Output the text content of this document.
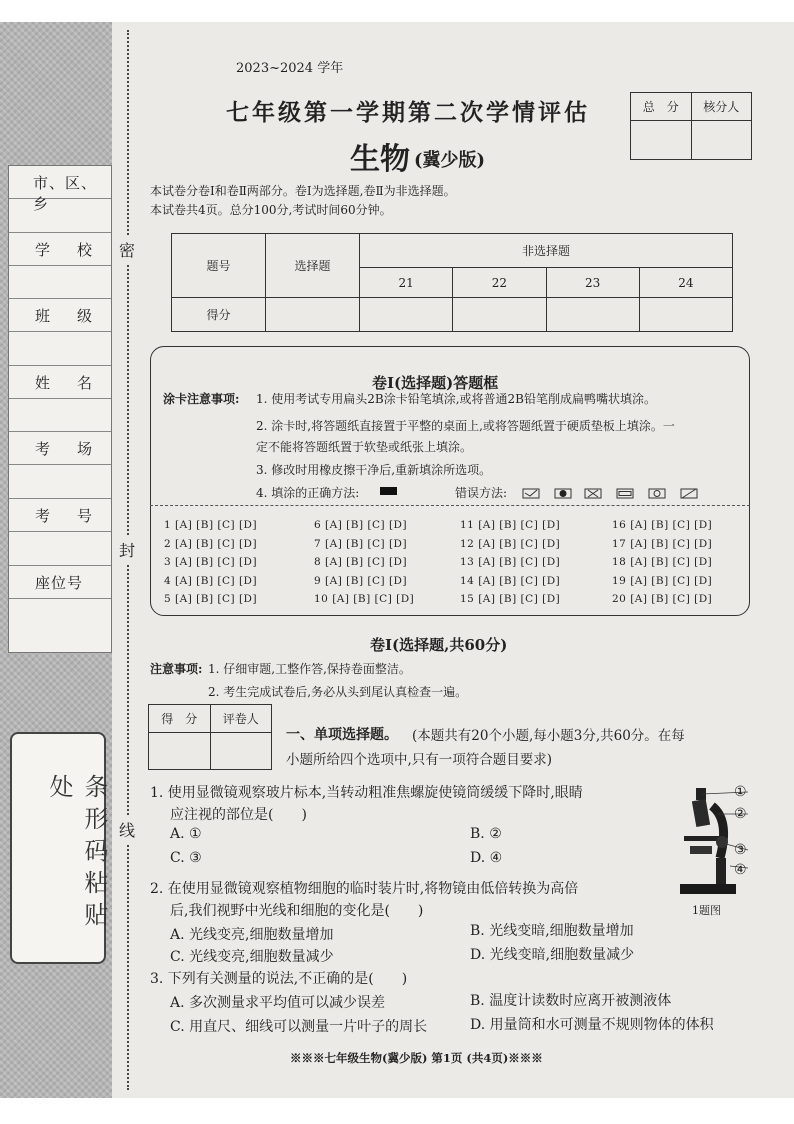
市、区、乡
学　校
班　级
姓　名
考　场
考　号
座位号
条形码粘贴处
密
封
线
2023~2024 学年
七年级第一学期第二次学情评估
生物 (冀少版)
总　分	核分人
本试卷分卷Ⅰ和卷Ⅱ两部分。卷Ⅰ为选择题,卷Ⅱ为非选择题。
本试卷共4页。总分100分,考试时间60分钟。
题号	选择题	非选择题			
		21	22	23	24
得分					
卷Ⅰ(选择题)答题框
涂卡注意事项: 1. 使用考试专用扁头2B涂卡铅笔填涂,或将普通2B铅笔削成扁鸭嘴状填涂。
2. 涂卡时,将答题纸直接置于平整的桌面上,或将答题纸置于硬质垫板上填涂。一
定不能将答题纸置于软垫或纸张上填涂。
3. 修改时用橡皮擦干净后,重新填涂所选项。
4. 填涂的正确方法:	错误方法:
1 [A] [B] [C] [D]
2 [A] [B] [C] [D]
3 [A] [B] [C] [D]
4 [A] [B] [C] [D]
5 [A] [B] [C] [D]
6 [A] [B] [C] [D]
7 [A] [B] [C] [D]
8 [A] [B] [C] [D]
9 [A] [B] [C] [D]
10 [A] [B] [C] [D]
11 [A] [B] [C] [D]
12 [A] [B] [C] [D]
13 [A] [B] [C] [D]
14 [A] [B] [C] [D]
15 [A] [B] [C] [D]
16 [A] [B] [C] [D]
17 [A] [B] [C] [D]
18 [A] [B] [C] [D]
19 [A] [B] [C] [D]
20 [A] [B] [C] [D]
卷Ⅰ(选择题,共60分)
注意事项: 1. 仔细审题,工整作答,保持卷面整洁。
2. 考生完成试卷后,务必从头到尾认真检查一遍。
得　分	评卷人
一、单项选择题。 (本题共有20个小题,每小题3分,共60分。在每
小题所给四个选项中,只有一项符合题目要求)
1. 使用显微镜观察玻片标本,当转动粗准焦螺旋使镜筒缓缓下降时,眼睛
应注视的部位是(　　)
A. ①	B. ②
C. ③	D. ④
①
②
③
④
1题图
2. 在使用显微镜观察植物细胞的临时装片时,将物镜由低倍转换为高倍
后,我们视野中光线和细胞的变化是(　　)
A. 光线变亮,细胞数量增加	B. 光线变暗,细胞数量增加
C. 光线变亮,细胞数量减少	D. 光线变暗,细胞数量减少
3. 下列有关测量的说法,不正确的是(　　)
A. 多次测量求平均值可以减少误差	B. 温度计读数时应离开被测液体
C. 用直尺、细线可以测量一片叶子的周长	D. 用量筒和水可测量不规则物体的体积
※※※七年级生物(冀少版) 第1页 (共4页)※※※
